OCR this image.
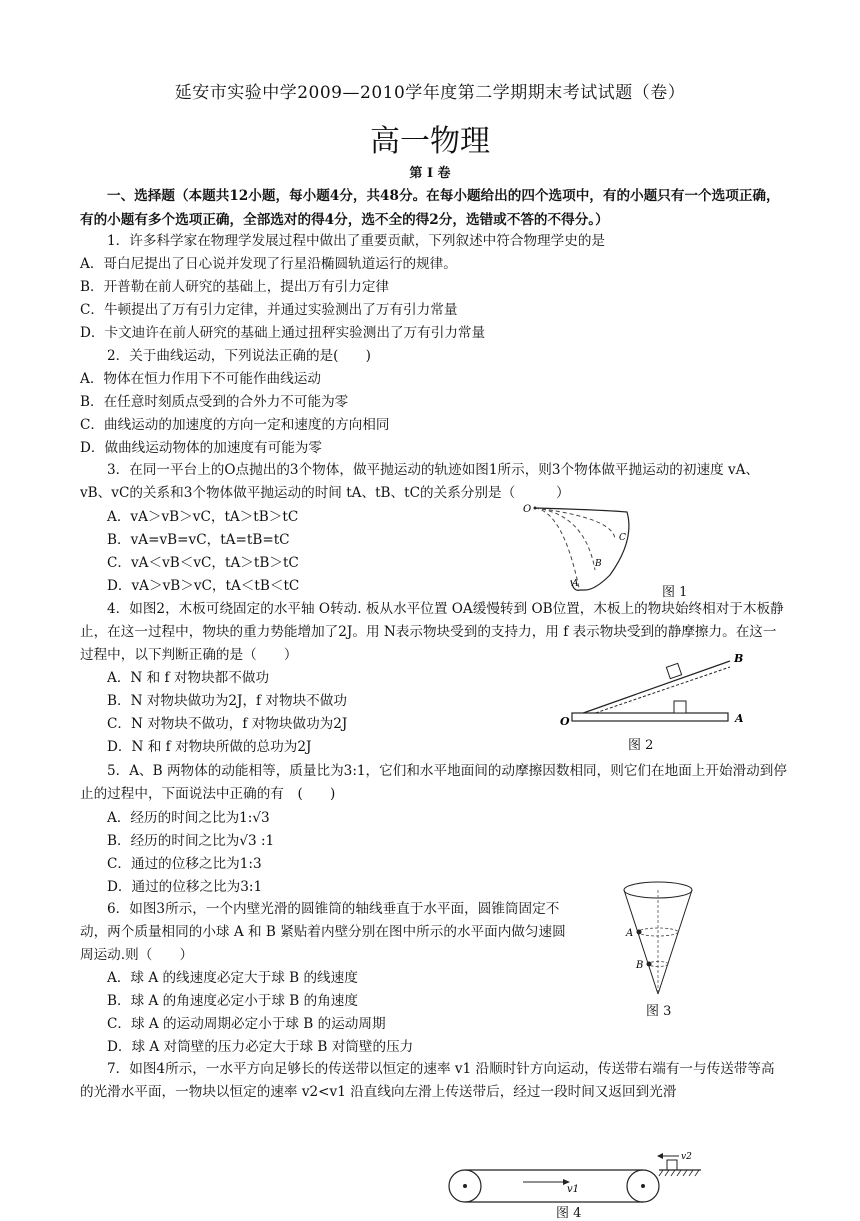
延安市实验中学2009—2010学年度第二学期期末考试试题（卷）
高一物理
第 Ⅰ 卷
一、选择题（本题共12小题，每小题4分，共48分。在每小题给出的四个选项中，有的小题只有一个选项正确，有的小题有多个选项正确，全部选对的得4分，选不全的得2分，选错或不答的不得分。）
1．许多科学家在物理学发展过程中做出了重要贡献，下列叙述中符合物理学史的是
A．哥白尼提出了日心说并发现了行星沿椭圆轨道运行的规律。
B．开普勒在前人研究的基础上，提出万有引力定律
C．牛顿提出了万有引力定律，并通过实验测出了万有引力常量
D．卡文迪许在前人研究的基础上通过扭秤实验测出了万有引力常量
2．关于曲线运动，下列说法正确的是(　　)
A．物体在恒力作用下不可能作曲线运动
B．在任意时刻质点受到的合外力不可能为零
C．曲线运动的加速度的方向一定和速度的方向相同
D．做曲线运动物体的加速度有可能为零
3．在同一平台上的O点抛出的3个物体，做平抛运动的轨迹如图1所示，则3个物体做平抛运动的初速度 vA、vB、vC的关系和3个物体做平抛运动的时间 tA、tB、tC的关系分别是（　　　）
A．vA＞vB＞vC，tA＞tB＞tC
B．vA=vB=vC，tA=tB=tC
C．vA＜vB＜vC，tA＞tB＞tC
D．vA＞vB＞vC，tA＜tB＜tC
O
A
B
C
图 1
4．如图2，木板可绕固定的水平轴 O转动. 板从水平位置 OA缓慢转到 OB位置，木板上的物块始终相对于木板静止，在这一过程中，物块的重力势能增加了2J。用 N表示物块受到的支持力，用 f 表示物块受到的静摩擦力。在这一过程中，以下判断正确的是（　　）
A．N 和 f 对物块都不做功
B．N 对物块做功为2J，f 对物块不做功
C．N 对物块不做功，f 对物块做功为2J
D．N 和 f 对物块所做的总功为2J
O	A
B
图 2
5．A、B 两物体的动能相等，质量比为3:1，它们和水平地面间的动摩擦因数相同，则它们在地面上开始滑动到停止的过程中，下面说法中正确的有　(　　)
A．经历的时间之比为1:√3
B．经历的时间之比为√3 :1
C．通过的位移之比为1:3
D．通过的位移之比为3:1
6．如图3所示，一个内壁光滑的圆锥筒的轴线垂直于水平面，圆锥筒固定不动，两个质量相同的小球 A 和 B 紧贴着内壁分别在图中所示的水平面内做匀速圆周运动.则（　　）
A．球 A 的线速度必定大于球 B 的线速度
B．球 A 的角速度必定小于球 B 的角速度
C．球 A 的运动周期必定小于球 B 的运动周期
D．球 A 对筒壁的压力必定大于球 B 对筒壁的压力
A
B
图 3
7．如图4所示，一水平方向足够长的传送带以恒定的速率 v1 沿顺时针方向运动，传送带右端有一与传送带等高的光滑水平面，一物块以恒定的速率 v2<v1 沿直线向左滑上传送带后，经过一段时间又返回到光滑
v1
v2
图 4
